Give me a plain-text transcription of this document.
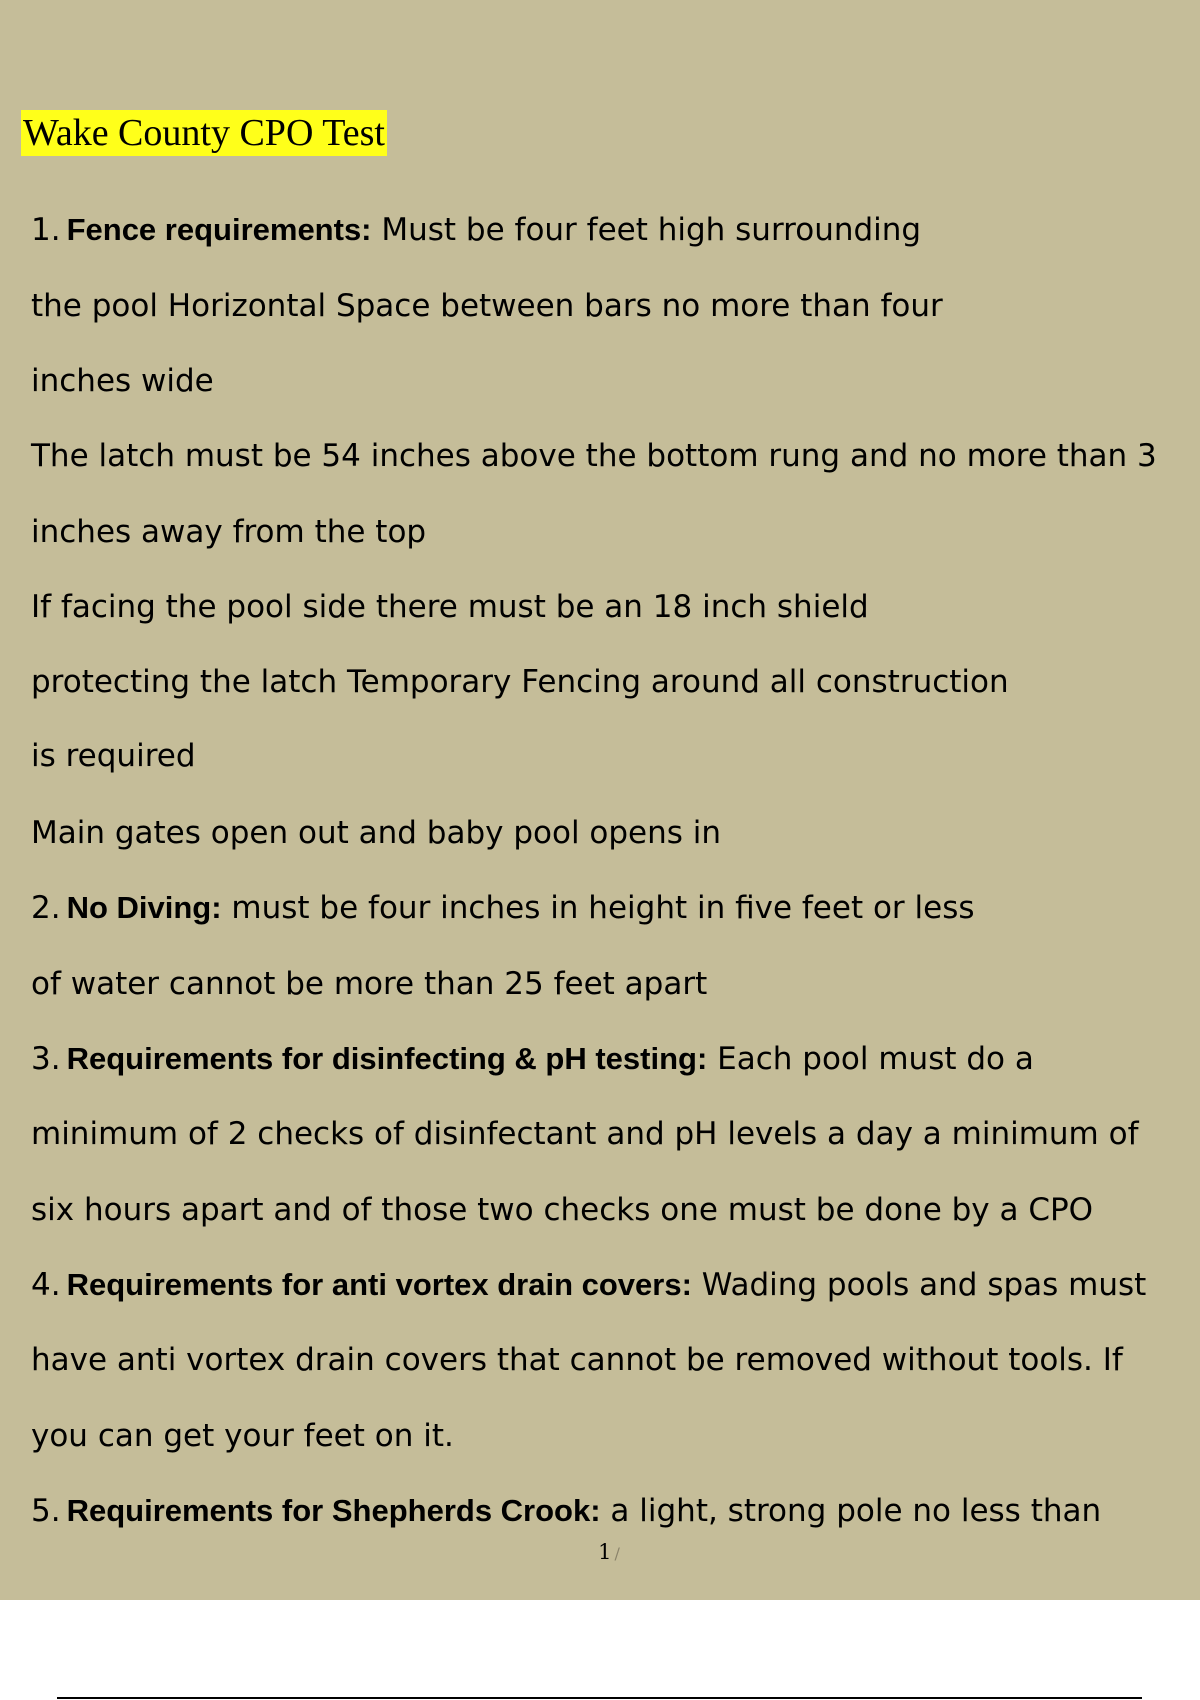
Wake County CPO Test
1. Fence requirements: Must be four feet high surrounding
the pool Horizontal Space between bars no more than four
inches wide
The latch must be 54 inches above the bottom rung and no more than 3
inches away from the top
If facing the pool side there must be an 18 inch shield
protecting the latch Temporary Fencing around all construction
is required
Main gates open out and baby pool opens in
2. No Diving: must be four inches in height in five feet or less
of water cannot be more than 25 feet apart
3. Requirements for disinfecting & pH testing: Each pool must do a
minimum of 2 checks of disinfectant and pH levels a day a minimum of
six hours apart and of those two checks one must be done by a CPO
4. Requirements for anti vortex drain covers: Wading pools and spas must
have anti vortex drain covers that cannot be removed without tools. If
you can get your feet on it.
5. Requirements for Shepherds Crook: a light, strong pole no less than
1 /
